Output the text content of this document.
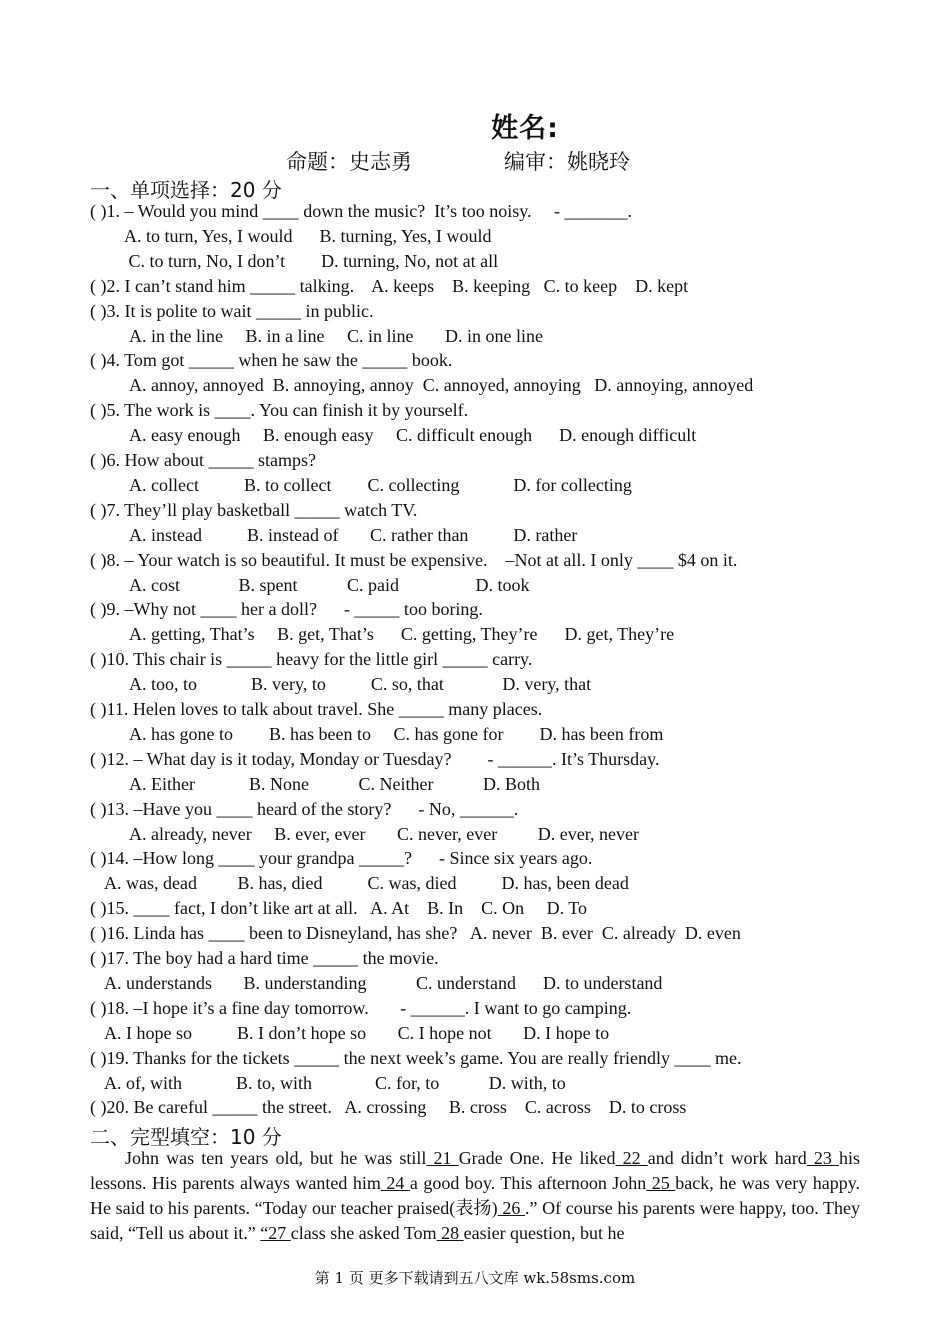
姓名:
命题：史志勇	编审：姚晓玲
一、单项选择：20 分
( )1. – Would you mind ____ down the music?  It’s too noisy.     - _______.
A. to turn, Yes, I would      B. turning, Yes, I would
C. to turn, No, I don’t        D. turning, No, not at all
( )2. I can’t stand him _____ talking.    A. keeps    B. keeping   C. to keep    D. kept
( )3. It is polite to wait _____ in public.
A. in the line     B. in a line     C. in line       D. in one line
( )4. Tom got _____ when he saw the _____ book.
A. annoy, annoyed  B. annoying, annoy  C. annoyed, annoying   D. annoying, annoyed
( )5. The work is ____. You can finish it by yourself.
A. easy enough     B. enough easy     C. difficult enough      D. enough difficult
( )6. How about _____ stamps?
A. collect          B. to collect        C. collecting            D. for collecting
( )7. They’ll play basketball _____ watch TV.
A. instead          B. instead of       C. rather than          D. rather
( )8. – Your watch is so beautiful. It must be expensive.    –Not at all. I only ____ $4 on it.
A. cost             B. spent           C. paid                 D. took
( )9. –Why not ____ her a doll?      - _____ too boring.
A. getting, That’s     B. get, That’s      C. getting, They’re      D. get, They’re
( )10. This chair is _____ heavy for the little girl _____ carry.
A. too, to            B. very, to          C. so, that             D. very, that
( )11. Helen loves to talk about travel. She _____ many places.
A. has gone to        B. has been to     C. has gone for        D. has been from
( )12. – What day is it today, Monday or Tuesday?        - ______. It’s Thursday.
A. Either            B. None           C. Neither           D. Both
( )13. –Have you ____ heard of the story?      - No, ______.
A. already, never     B. ever, ever       C. never, ever         D. ever, never
( )14. –How long ____ your grandpa _____?      - Since six years ago.
A. was, dead         B. has, died          C. was, died          D. has, been dead
( )15. ____ fact, I don’t like art at all.   A. At    B. In    C. On     D. To
( )16. Linda has ____ been to Disneyland, has she?   A. never  B. ever  C. already  D. even
( )17. The boy had a hard time _____ the movie.
A. understands       B. understanding           C. understand      D. to understand
( )18. –I hope it’s a fine day tomorrow.       - ______. I want to go camping.
A. I hope so          B. I don’t hope so       C. I hope not       D. I hope to
( )19. Thanks for the tickets _____ the next week’s game. You are really friendly ____ me.
A. of, with            B. to, with              C. for, to           D. with, to
( )20. Be careful _____ the street.   A. crossing     B. cross    C. across    D. to cross
二、完型填空：10 分

John was ten years old, but he was still 21 Grade One. He liked 22 and didn’t work hard 23 his lessons. His parents always wanted him 24 a good boy. This afternoon John 25 back, he was very happy. He said to his parents. “Today our teacher praised(表扬) 26 .” Of course his parents were happy, too. They said, “Tell us about it.” “27 class she asked Tom 28 easier question, but he

第 1 页 更多下载请到五八文库 wk.58sms.com
